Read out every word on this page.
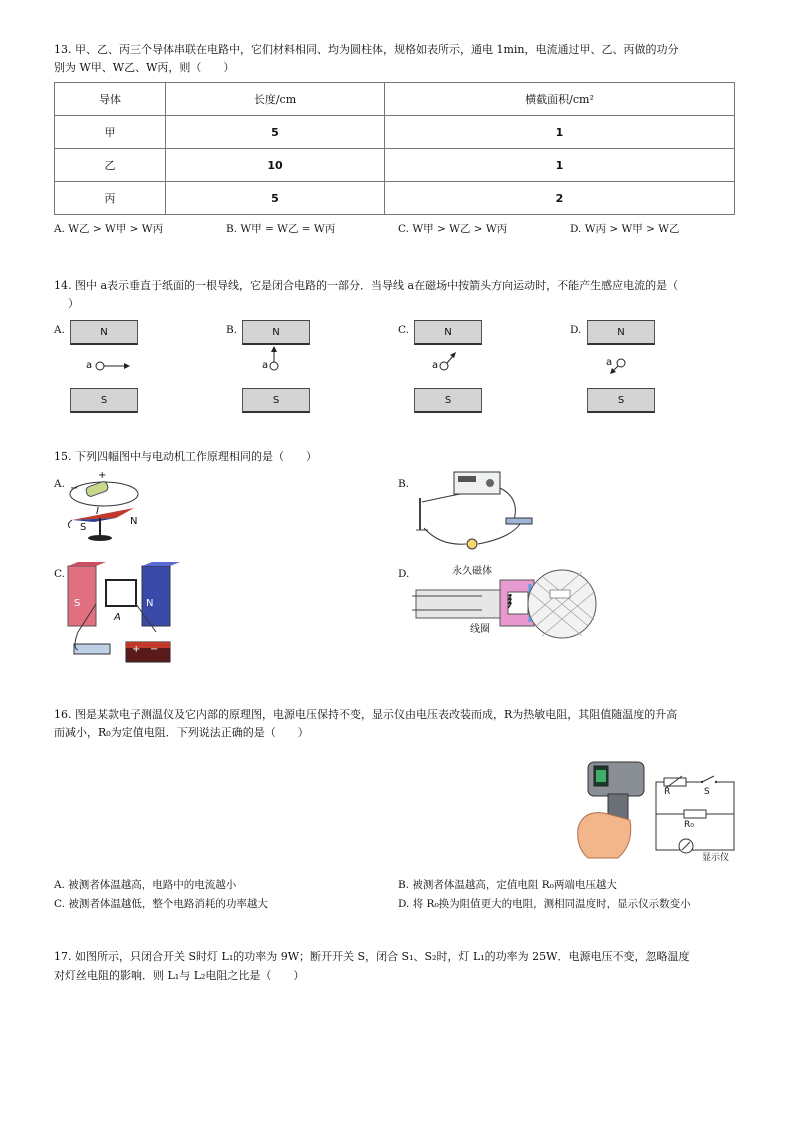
13. 甲、乙、丙三个导体串联在电路中，它们材料相同、均为圆柱体，规格如表所示，通电 1min，电流通过甲、乙、丙做的功分
别为 W甲、W乙、W丙，则（　　）
导体	长度/cm	横截面积/cm²
甲	5	1
乙	10	1
丙	5	2
A. W乙 > W甲 > W丙	B. W甲 = W乙 = W丙	C. W甲 > W乙 > W丙	D. W丙 > W甲 > W乙
14. 图中 a表示垂直于纸面的一根导线，它是闭合电路的一部分．当导线 a在磁场中按箭头方向运动时，不能产生感应电流的是（
）
A.	N
a
S
B.	N
a
S
C.	N
a
S
D.	N
a
S
15. 下列四幅图中与电动机工作原理相同的是（　　）
A.	B.
C.	D.
+
−
I
N
S
S	N
A
+ −
永久磁体
线圈
16. 图是某款电子测温仪及它内部的原理图，电源电压保持不变，显示仪由电压表改装而成，R为热敏电阻，其阻值随温度的升高
而减小，R₀为定值电阻．下列说法正确的是（　　）
R	S
R₀
显示仪
A. 被测者体温越高，电路中的电流越小	B. 被测者体温越高，定值电阻 R₀两端电压越大
C. 被测者体温越低，整个电路消耗的功率越大	D. 将 R₀换为阻值更大的电阻，测相同温度时，显示仪示数变小
17. 如图所示，只闭合开关 S时灯 L₁的功率为 9W；断开开关 S，闭合 S₁、S₂时，灯 L₁的功率为 25W．电源电压不变，忽略温度
对灯丝电阻的影响．则 L₁与 L₂电阻之比是（　　）
